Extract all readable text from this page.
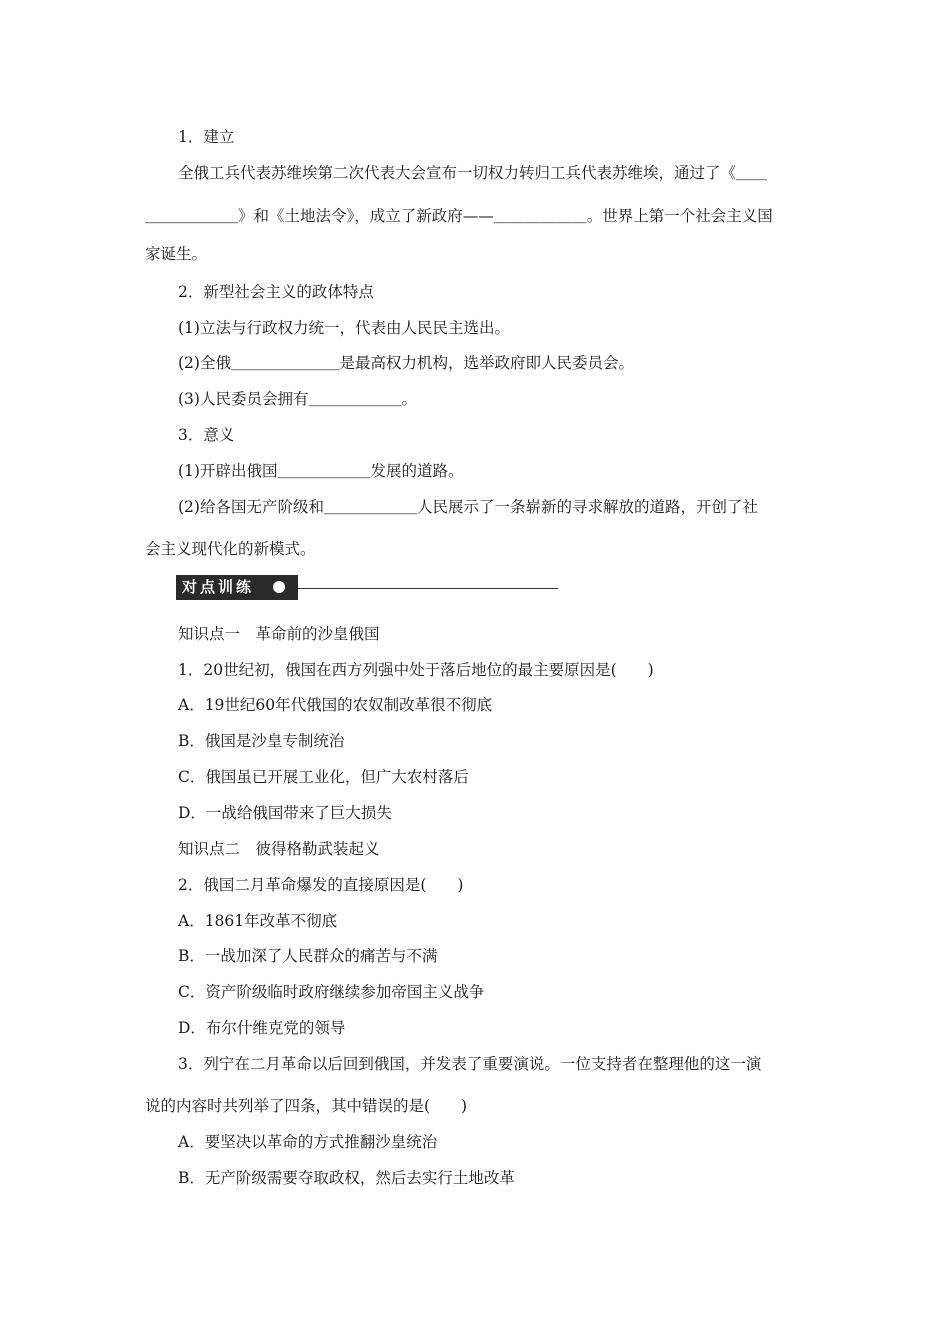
1．建立
全俄工兵代表苏维埃第二次代表大会宣布一切权力转归工兵代表苏维埃，通过了《＿＿
＿＿＿＿＿＿》和《土地法令》，成立了新政府——＿＿＿＿＿＿。世界上第一个社会主义国
家诞生。
2．新型社会主义的政体特点
(1)立法与行政权力统一，代表由人民民主选出。
(2)全俄＿＿＿＿＿＿＿是最高权力机构，选举政府即人民委员会。
(3)人民委员会拥有＿＿＿＿＿＿。
3．意义
(1)开辟出俄国＿＿＿＿＿＿发展的道路。
(2)给各国无产阶级和＿＿＿＿＿＿人民展示了一条崭新的寻求解放的道路，开创了社
会主义现代化的新模式。
对点训练
知识点一　革命前的沙皇俄国
1．20世纪初，俄国在西方列强中处于落后地位的最主要原因是(　　)
A．19世纪60年代俄国的农奴制改革很不彻底
B．俄国是沙皇专制统治
C．俄国虽已开展工业化，但广大农村落后
D．一战给俄国带来了巨大损失
知识点二　彼得格勒武装起义
2．俄国二月革命爆发的直接原因是(　　)
A．1861年改革不彻底
B．一战加深了人民群众的痛苦与不满
C．资产阶级临时政府继续参加帝国主义战争
D．布尔什维克党的领导
3．列宁在二月革命以后回到俄国，并发表了重要演说。一位支持者在整理他的这一演
说的内容时共列举了四条，其中错误的是(　　)
A．要坚决以革命的方式推翻沙皇统治
B．无产阶级需要夺取政权，然后去实行土地改革
